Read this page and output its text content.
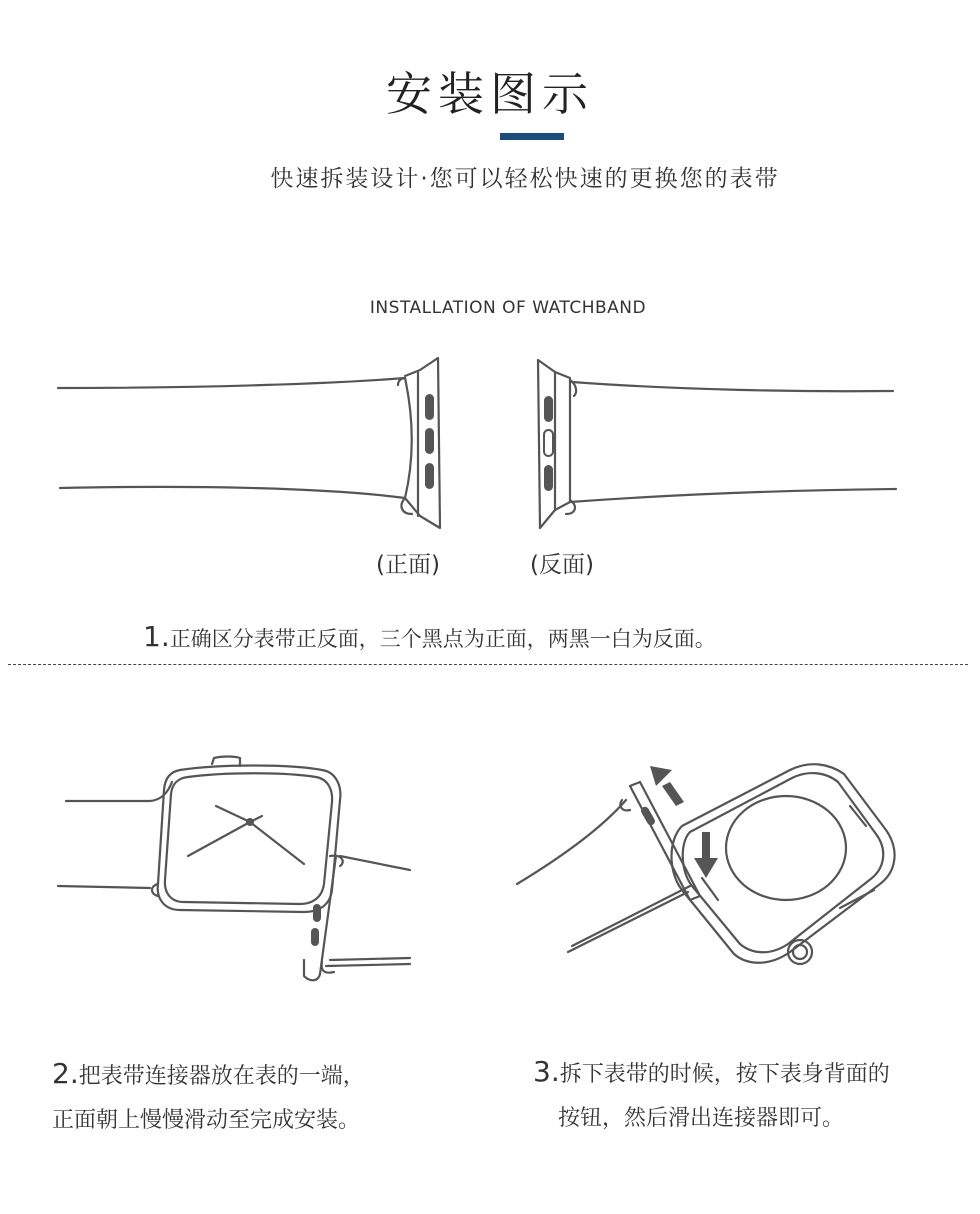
安装图示
快速拆装设计·您可以轻松快速的更换您的表带
INSTALLATION OF WATCHBAND
(正面)	(反面)
1.正确区分表带正反面，三个黑点为正面，两黑一白为反面。
2.把表带连接器放在表的一端，
正面朝上慢慢滑动至完成安装。
3.拆下表带的时候，按下表身背面的
按钮，然后滑出连接器即可。
